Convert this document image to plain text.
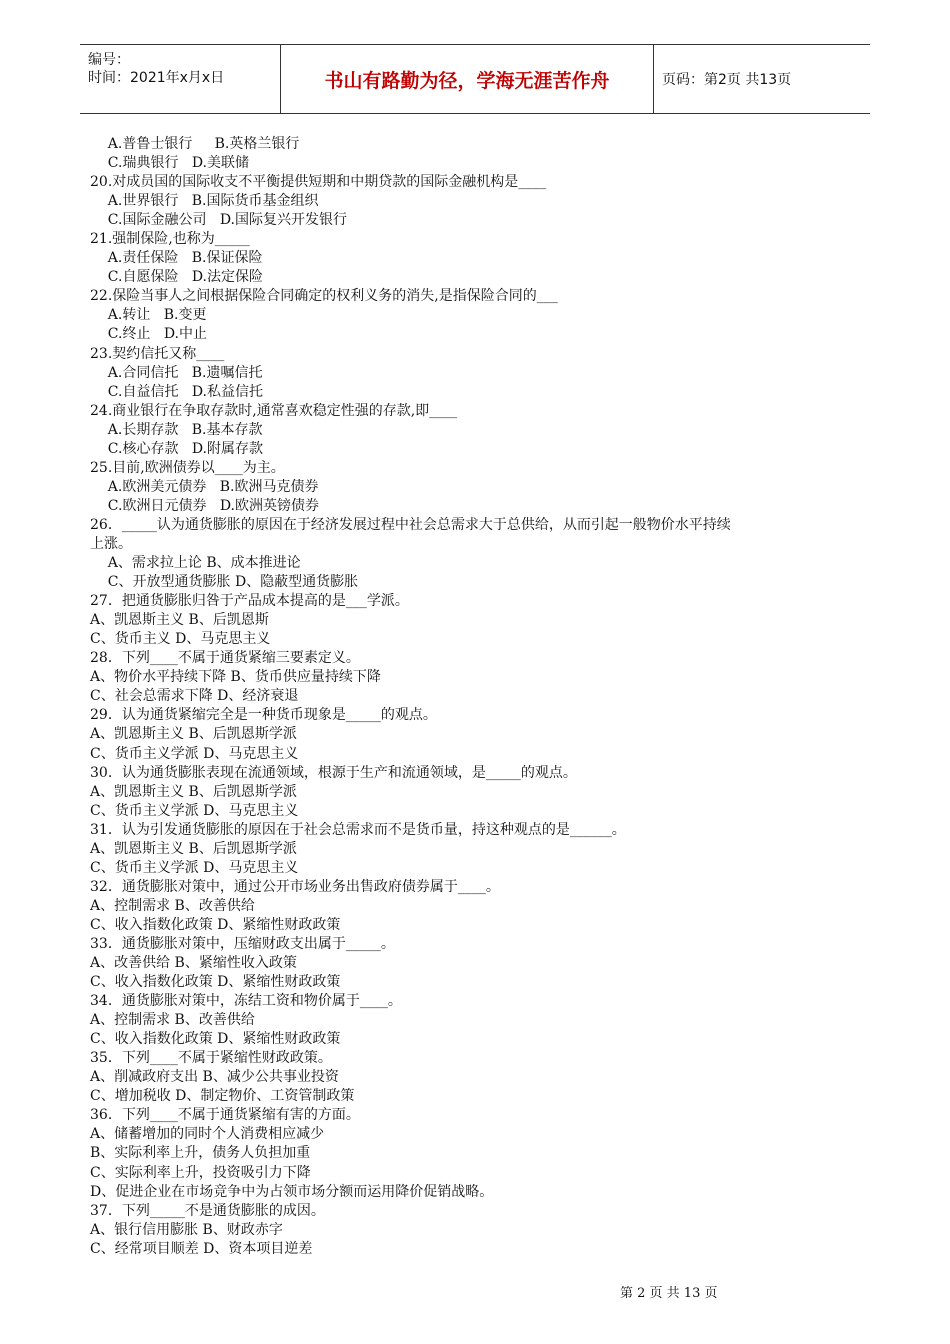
编号：
时间：2021年x月x日	书山有路勤为径，学海无涯苦作舟	页码：第2页 共13页
A.普鲁士银行     B.英格兰银行
C.瑞典银行   D.美联储
20.对成员国的国际收支不平衡提供短期和中期贷款的国际金融机构是____
A.世界银行   B.国际货币基金组织
C.国际金融公司   D.国际复兴开发银行
21.强制保险,也称为_____
A.责任保险   B.保证保险
C.自愿保险   D.法定保险
22.保险当事人之间根据保险合同确定的权利义务的消失,是指保险合同的___
A.转让   B.变更
C.终止   D.中止
23.契约信托又称____
A.合同信托   B.遗嘱信托
C.自益信托   D.私益信托
24.商业银行在争取存款时,通常喜欢稳定性强的存款,即____
A.长期存款   B.基本存款
C.核心存款   D.附属存款
25.目前,欧洲债券以____为主。
A.欧洲美元债券   B.欧洲马克债券
C.欧洲日元债券   D.欧洲英镑债券
26．_____认为通货膨胀的原因在于经济发展过程中社会总需求大于总供给，从而引起一般物价水平持续
上涨。
A、需求拉上论 B、成本推进论
C、开放型通货膨胀 D、隐蔽型通货膨胀
27．把通货膨胀归咎于产品成本提高的是___学派。
A、凯恩斯主义 B、后凯恩斯
C、货币主义 D、马克思主义
28．下列____不属于通货紧缩三要素定义。
A、物价水平持续下降 B、货币供应量持续下降
C、社会总需求下降 D、经济衰退
29．认为通货紧缩完全是一种货币现象是_____的观点。
A、凯恩斯主义 B、后凯恩斯学派
C、货币主义学派 D、马克思主义
30．认为通货膨胀表现在流通领域，根源于生产和流通领域，是_____的观点。
A、凯恩斯主义 B、后凯恩斯学派
C、货币主义学派 D、马克思主义
31．认为引发通货膨胀的原因在于社会总需求而不是货币量，持这种观点的是______。
A、凯恩斯主义 B、后凯恩斯学派
C、货币主义学派 D、马克思主义
32．通货膨胀对策中，通过公开市场业务出售政府债券属于____。
A、控制需求 B、改善供给
C、收入指数化政策 D、紧缩性财政政策
33．通货膨胀对策中，压缩财政支出属于_____。
A、改善供给 B、紧缩性收入政策
C、收入指数化政策 D、紧缩性财政政策
34．通货膨胀对策中，冻结工资和物价属于____。
A、控制需求 B、改善供给
C、收入指数化政策 D、紧缩性财政政策
35．下列____不属于紧缩性财政政策。
A、削减政府支出 B、减少公共事业投资
C、增加税收 D、制定物价、工资管制政策
36．下列____不属于通货紧缩有害的方面。
A、储蓄增加的同时个人消费相应减少
B、实际利率上升，债务人负担加重
C、实际利率上升，投资吸引力下降
D、促进企业在市场竞争中为占领市场分额而运用降价促销战略。
37．下列_____不是通货膨胀的成因。
A、银行信用膨胀 B、财政赤字
C、经常项目顺差 D、资本项目逆差
第 2 页 共 13 页
